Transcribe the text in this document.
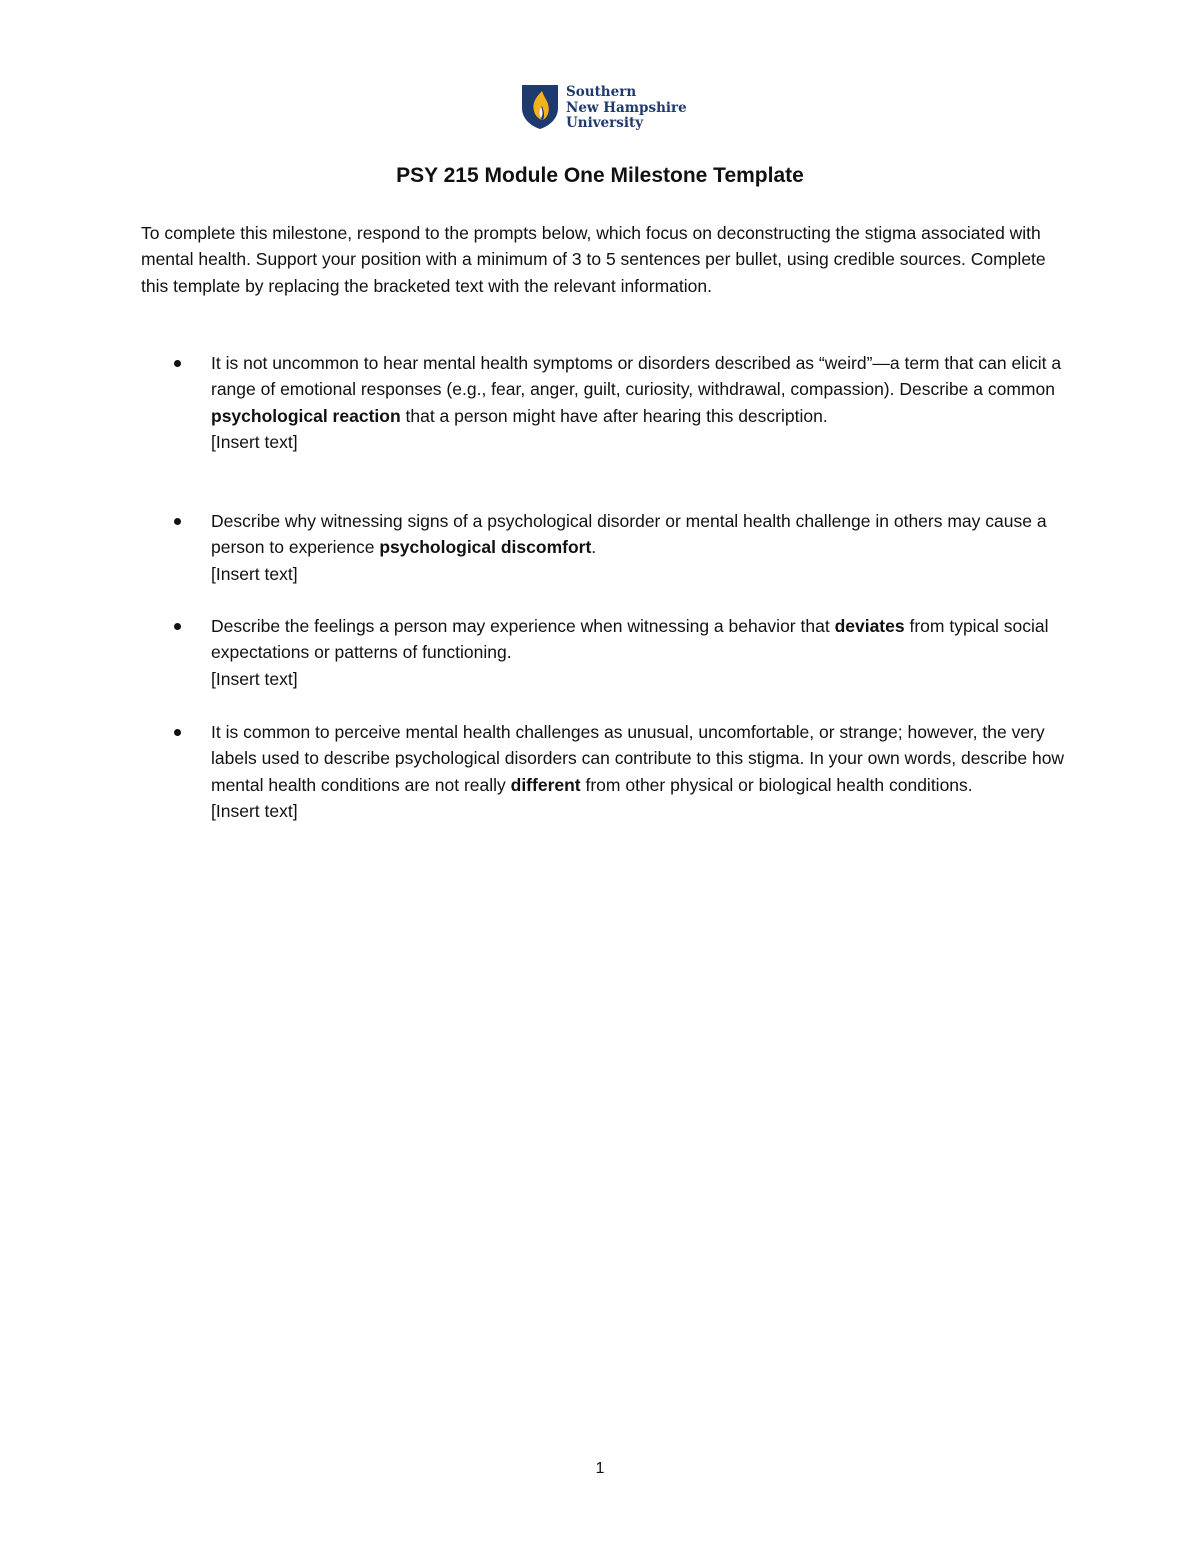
Southern
New Hampshire
University
PSY 215 Module One Milestone Template

To complete this milestone, respond to the prompts below, which focus on deconstructing the stigma associated with mental health. Support your position with a minimum of 3 to 5 sentences per bullet, using credible sources. Complete this template by replacing the bracketed text with the relevant information.

It is not uncommon to hear mental health symptoms or disorders described as “weird”—a term that can elicit a range of emotional responses (e.g., fear, anger, guilt, curiosity, withdrawal, compassion). Describe a common psychological reaction that a person might have after hearing this description.
[Insert text]
Describe why witnessing signs of a psychological disorder or mental health challenge in others may cause a person to experience psychological discomfort.
[Insert text]
Describe the feelings a person may experience when witnessing a behavior that deviates from typical social expectations or patterns of functioning.
[Insert text]
It is common to perceive mental health challenges as unusual, uncomfortable, or strange; however, the very labels used to describe psychological disorders can contribute to this stigma. In your own words, describe how mental health conditions are not really different from other physical or biological health conditions.
[Insert text]
1
